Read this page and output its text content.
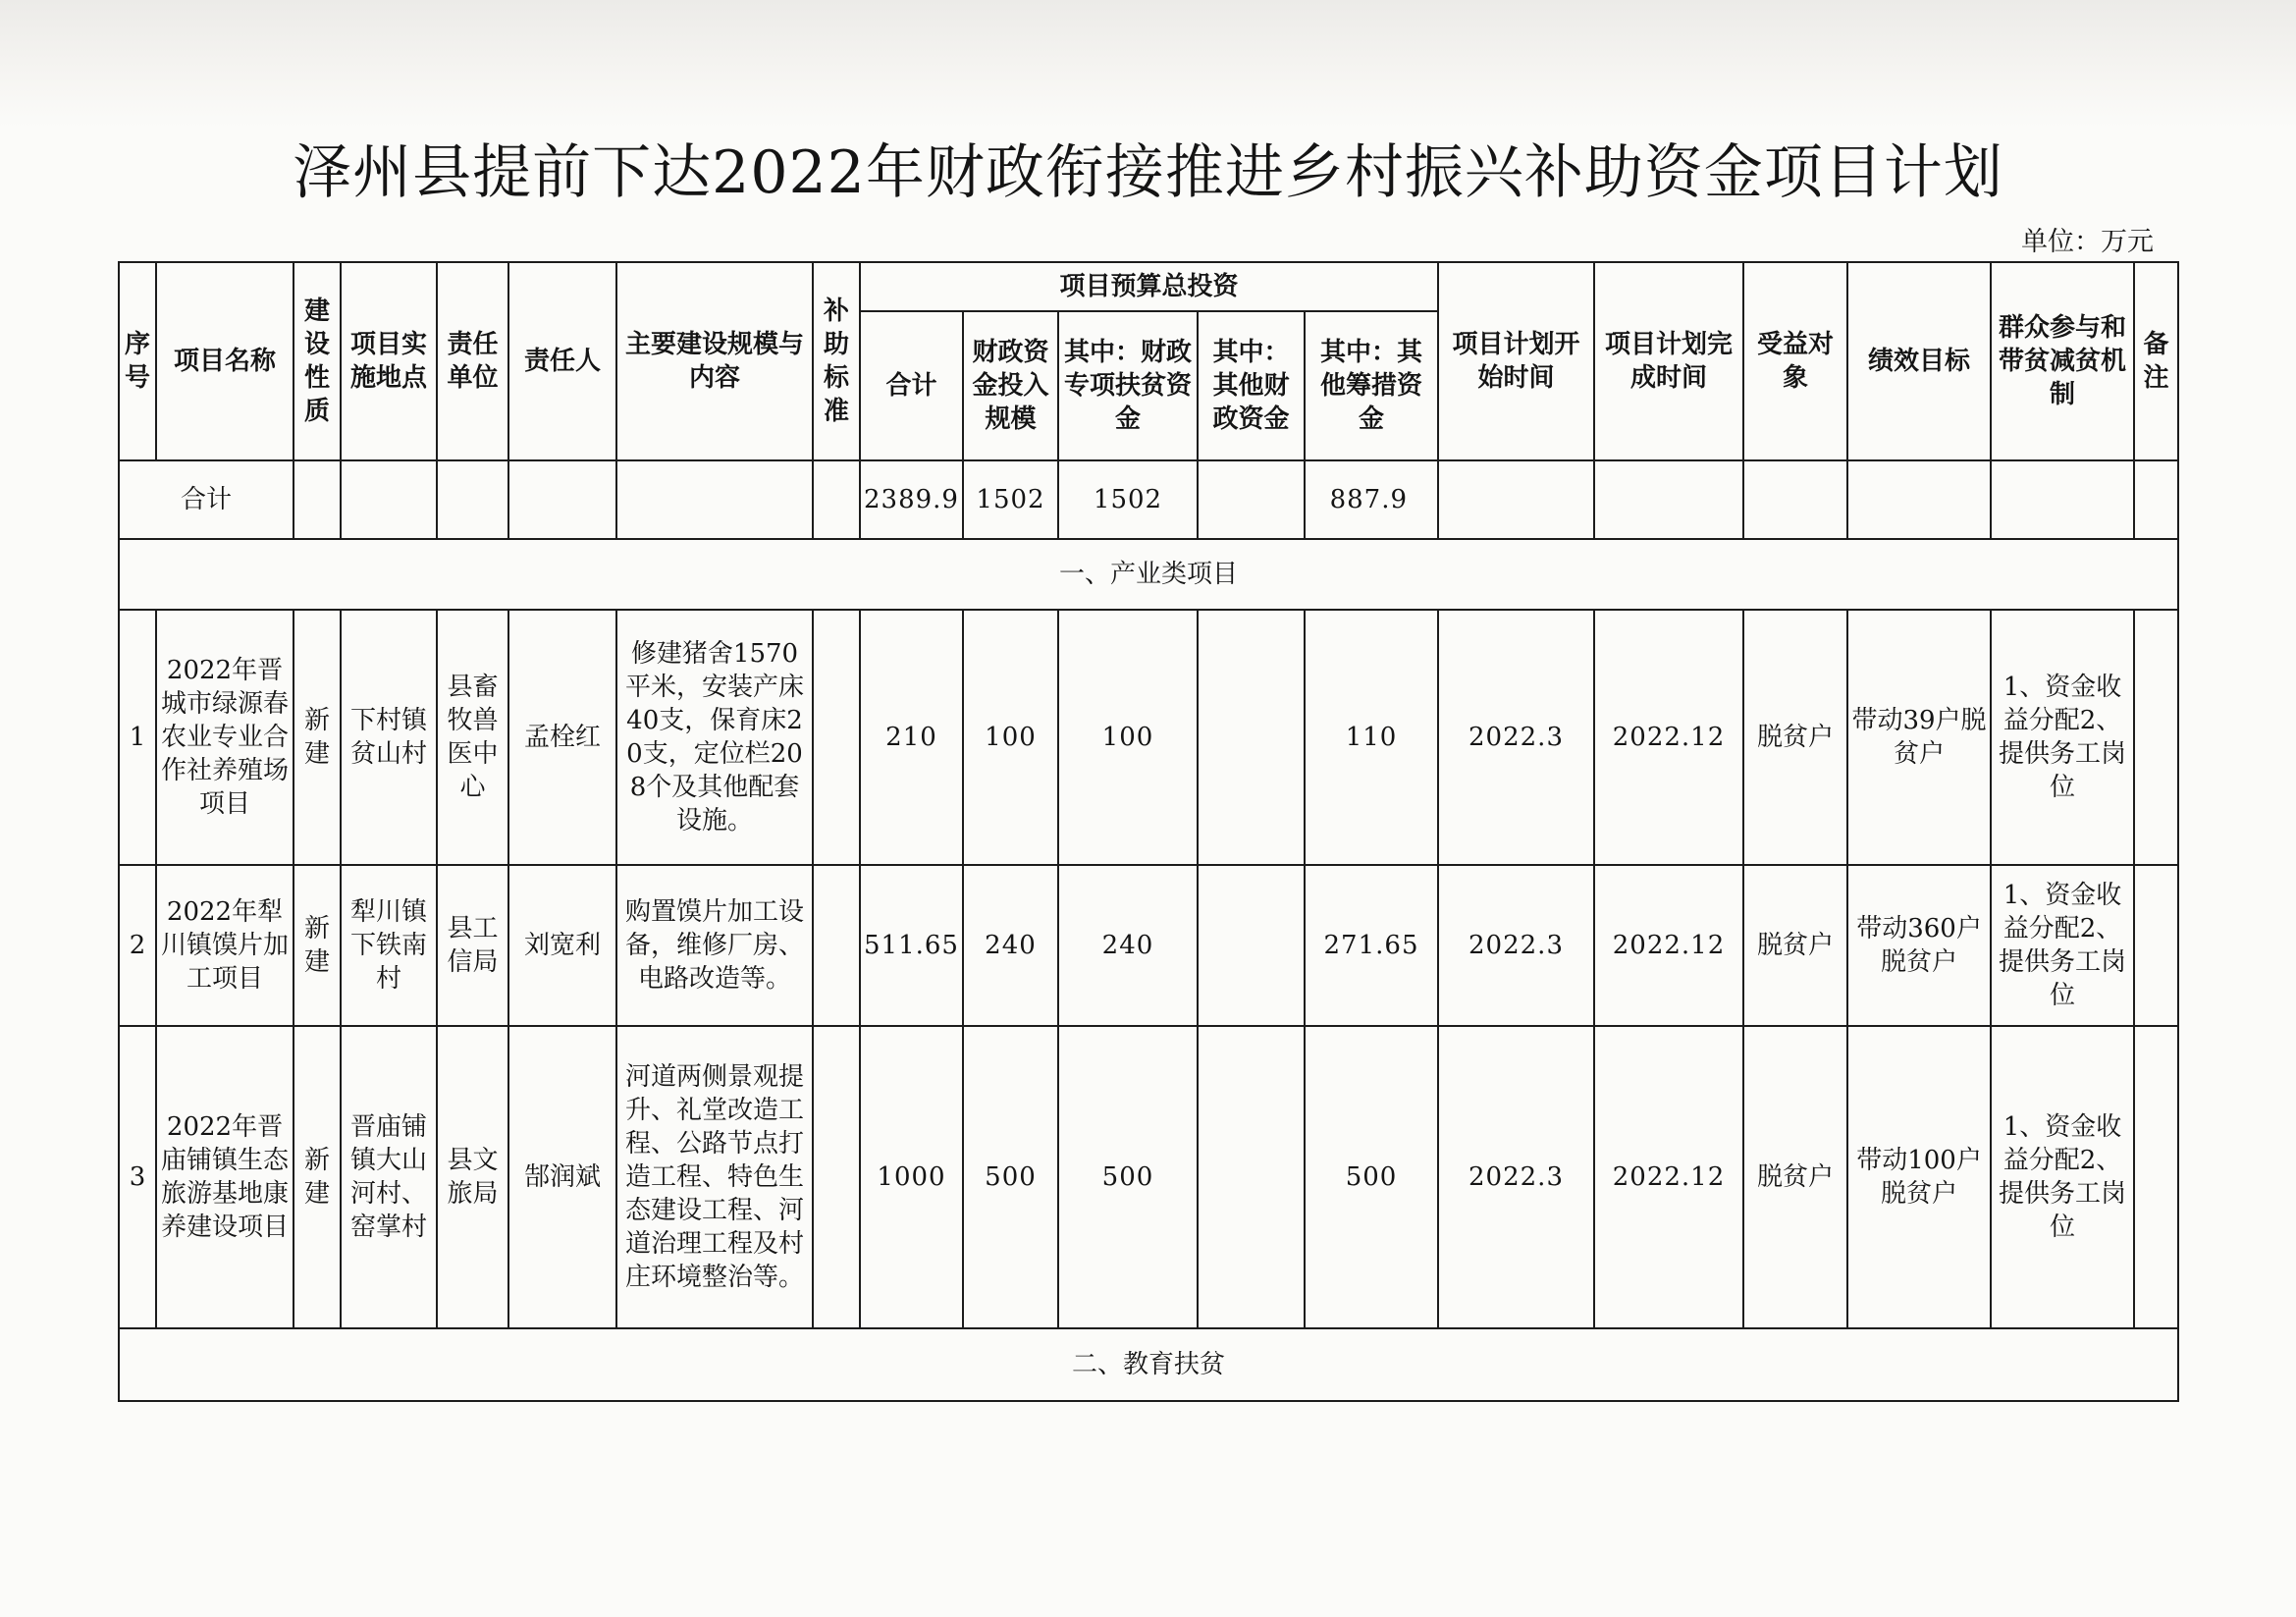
泽州县提前下达2022年财政衔接推进乡村振兴补助资金项目计划
单位：万元
序号	项目名称	建设性质	项目实施地点	责任单位	责任人	主要建设规模与内容	补助标准	项目预算总投资					项目计划开始时间	项目计划完成时间	受益对象	绩效目标	群众参与和带贫减贫机制	备注
								合计	财政资金投入规模	其中：财政专项扶贫资金	其中：其他财政资金	其中：其他筹措资金						
合计								2389.9	1502	1502		887.9						
一、产业类项目																		
1	2022年晋城市绿源春农业专业合作社养殖场项目	新建	下村镇贫山村	县畜牧兽医中心	孟栓红	修建猪舍1570平米，安装产床40支，保育床20支，定位栏208个及其他配套设施。		210	100	100		110	2022.3	2022.12	脱贫户	带动39户脱贫户	1、资金收益分配2、提供务工岗位	
2	2022年犁川镇馍片加工项目	新建	犁川镇下铁南村	县工信局	刘宽利	购置馍片加工设备，维修厂房、电路改造等。		511.65	240	240		271.65	2022.3	2022.12	脱贫户	带动360户脱贫户	1、资金收益分配2、提供务工岗位	
3	2022年晋庙铺镇生态旅游基地康养建设项目	新建	晋庙铺镇大山河村、窑掌村	县文旅局	郜润斌	河道两侧景观提升、礼堂改造工程、公路节点打造工程、特色生态建设工程、河道治理工程及村庄环境整治等。		1000	500	500		500	2022.3	2022.12	脱贫户	带动100户脱贫户	1、资金收益分配2、提供务工岗位	
二、教育扶贫																		
